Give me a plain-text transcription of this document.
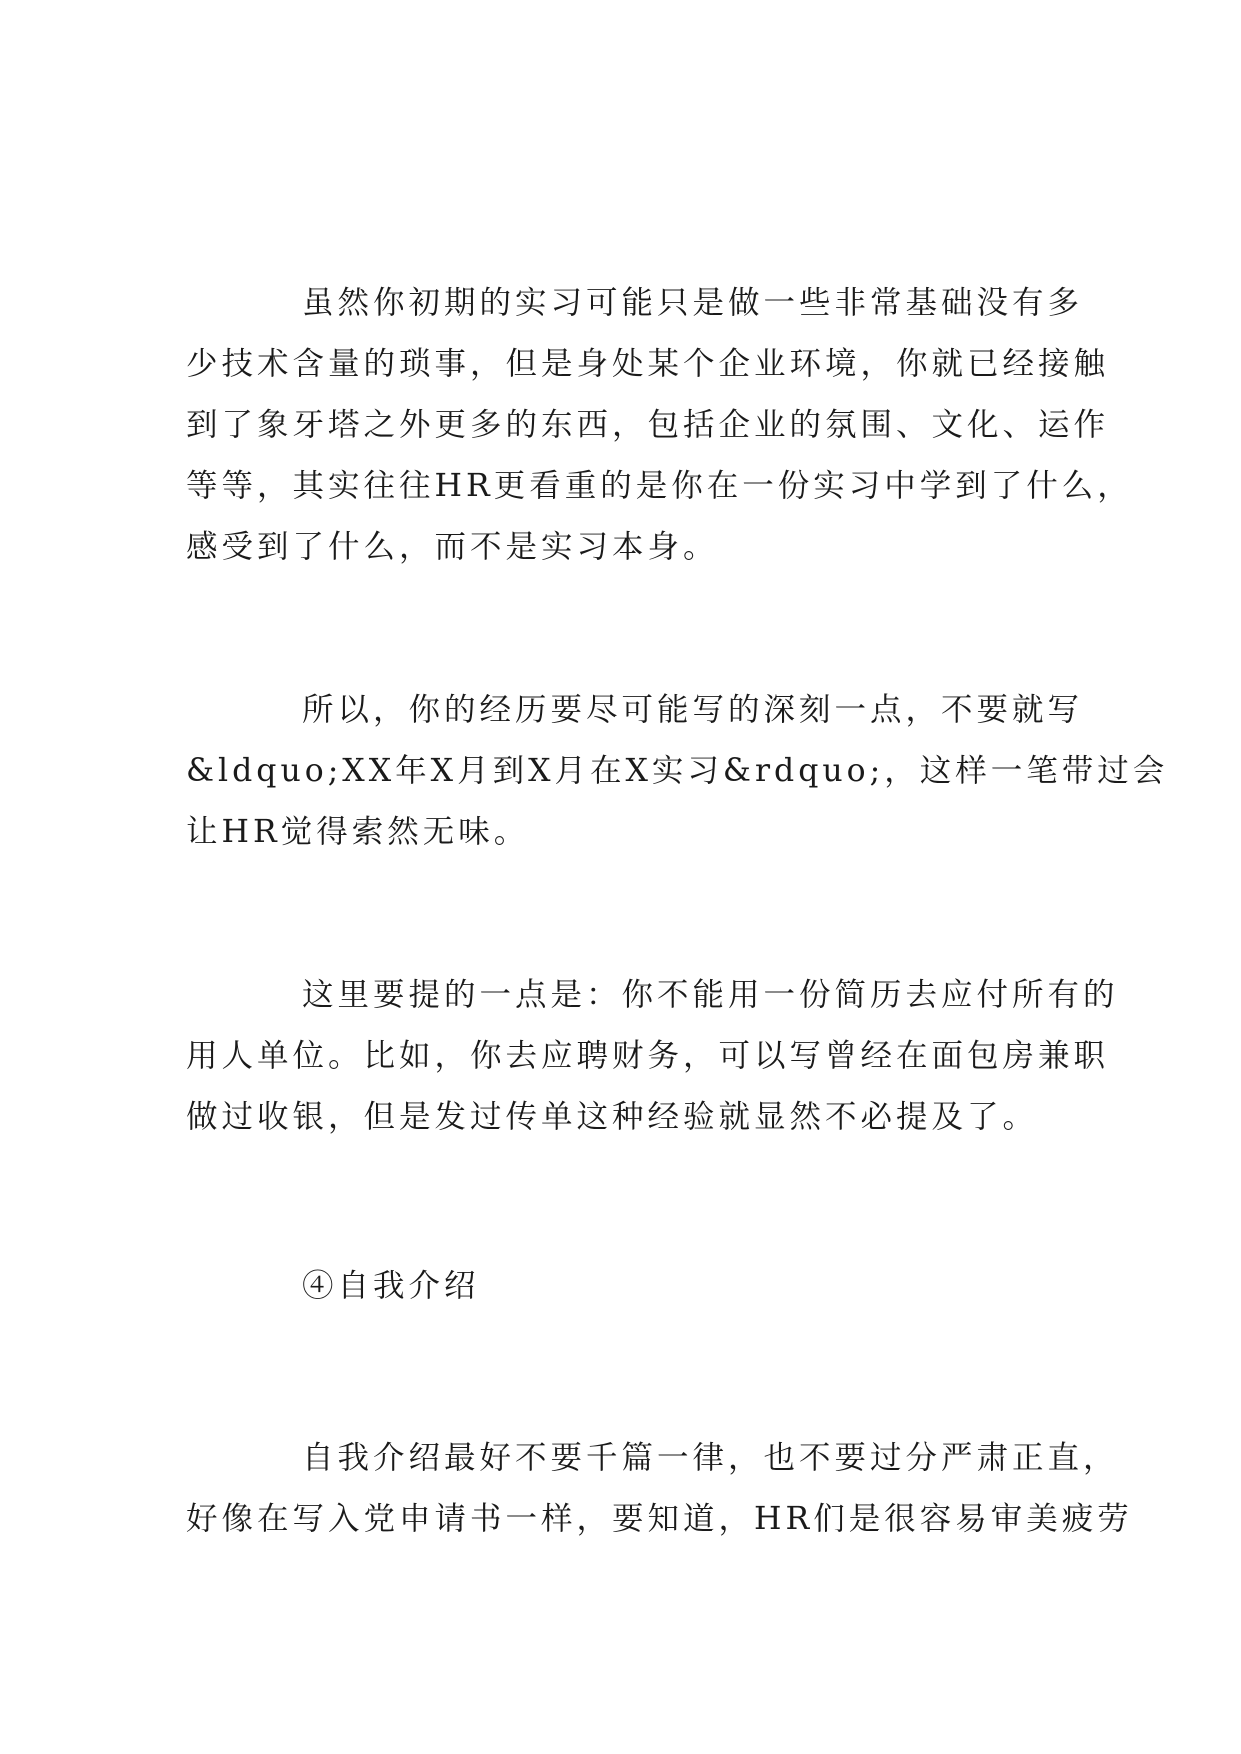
虽然你初期的实习可能只是做一些非常基础没有多
少技术含量的琐事，但是身处某个企业环境，你就已经接触
到了象牙塔之外更多的东西，包括企业的氛围、文化、运作
等等，其实往往HR更看重的是你在一份实习中学到了什么，
感受到了什么，而不是实习本身。

所以，你的经历要尽可能写的深刻一点，不要就写
&ldquo;XX年X月到X月在X实习&rdquo;，这样一笔带过会
让HR觉得索然无味。

这里要提的一点是：你不能用一份简历去应付所有的
用人单位。比如，你去应聘财务，可以写曾经在面包房兼职
做过收银，但是发过传单这种经验就显然不必提及了。

④自我介绍

自我介绍最好不要千篇一律，也不要过分严肃正直，
好像在写入党申请书一样，要知道，HR们是很容易审美疲劳
